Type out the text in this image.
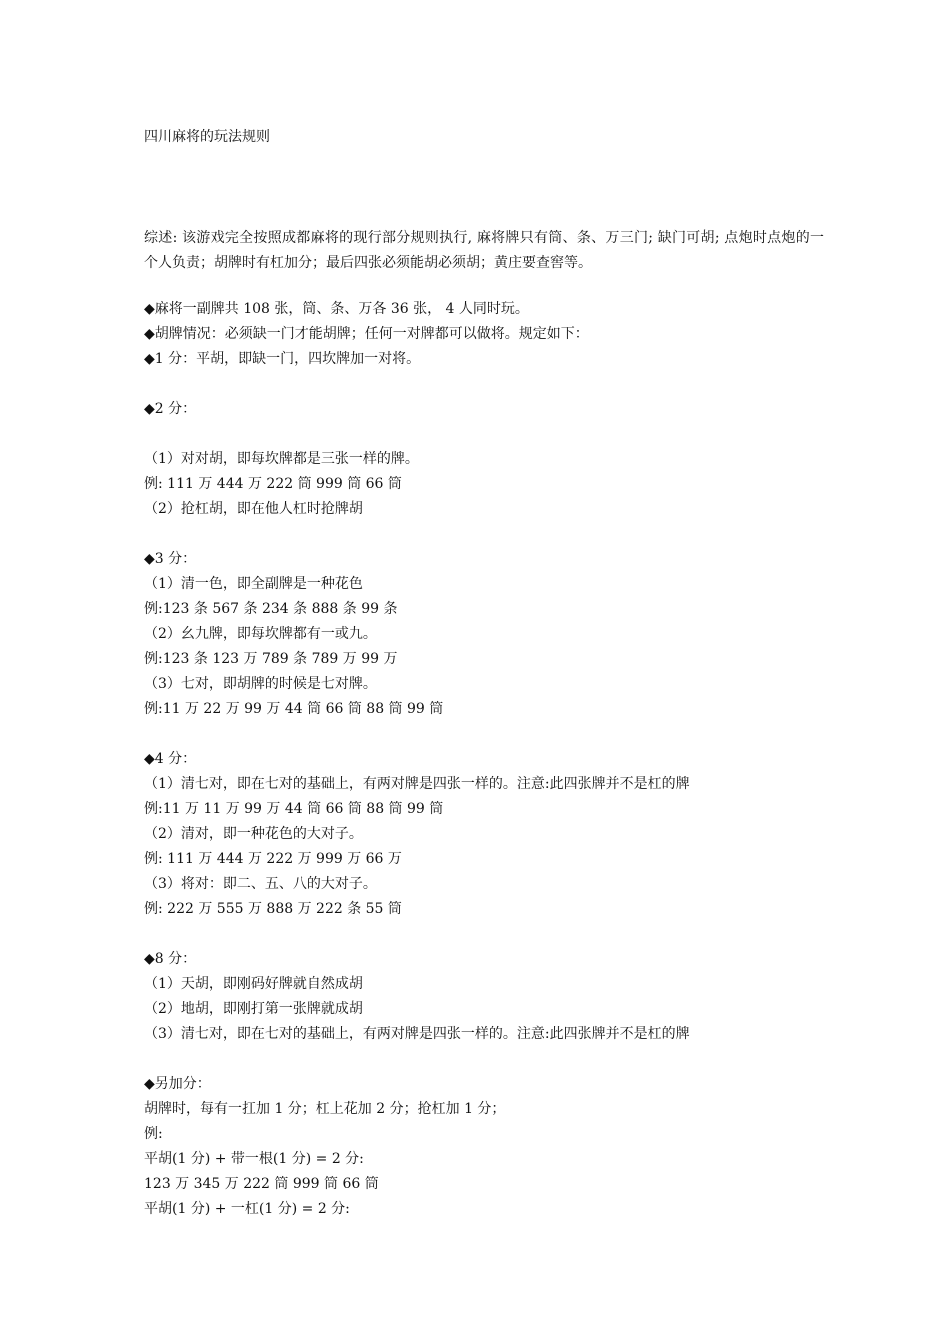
四川麻将的玩法规则
综述: 该游戏完全按照成都麻将的现行部分规则执行, 麻将牌只有筒、条、万三门; 缺门可胡; 点炮时点炮的一个人负责；胡牌时有杠加分；最后四张必须能胡必须胡；黄庄要查窖等。
◆麻将一副牌共 108 张，筒、条、万各 36 张， 4 人同时玩。
◆胡牌情况：必须缺一门才能胡牌；任何一对牌都可以做将。规定如下：
◆1 分：平胡，即缺一门，四坎牌加一对将。
◆2 分：
（1）对对胡，即每坎牌都是三张一样的牌。
例: 111 万 444 万 222 筒 999 筒 66 筒
（2）抢杠胡，即在他人杠时抢牌胡
◆3 分：
（1）清一色，即全副牌是一种花色
例:123 条 567 条 234 条 888 条 99 条
（2）幺九牌，即每坎牌都有一或九。
例:123 条 123 万 789 条 789 万 99 万
（3）七对，即胡牌的时候是七对牌。
例:11 万 22 万 99 万 44 筒 66 筒 88 筒 99 筒
◆4 分：
（1）清七对，即在七对的基础上，有两对牌是四张一样的。注意:此四张牌并不是杠的牌
例:11 万 11 万 99 万 44 筒 66 筒 88 筒 99 筒
（2）清对，即一种花色的大对子。
例: 111 万 444 万 222 万 999 万 66 万
（3）将对：即二、五、八的大对子。
例: 222 万 555 万 888 万 222 条 55 筒
◆8 分：
（1）天胡，即刚码好牌就自然成胡
（2）地胡，即刚打第一张牌就成胡
（3）清七对，即在七对的基础上，有两对牌是四张一样的。注意:此四张牌并不是杠的牌
◆另加分：
胡牌时，每有一扛加 1 分；杠上花加 2 分；抢杠加 1 分；
例:
平胡(1 分) + 带一根(1 分) = 2 分:
123 万 345 万 222 筒 999 筒 66 筒
平胡(1 分) + 一杠(1 分) = 2 分:
